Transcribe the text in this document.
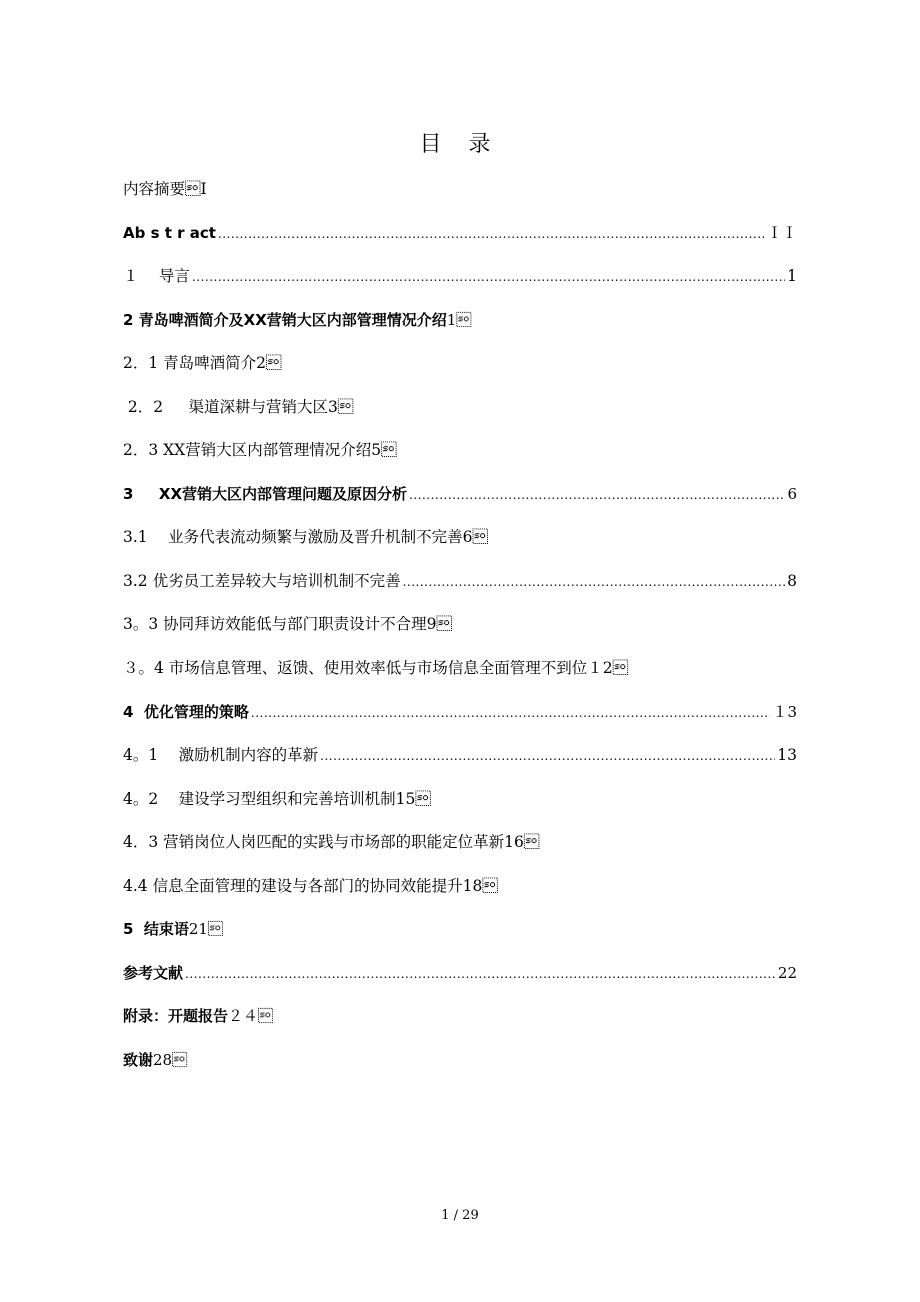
目 录
内容摘要 I
Ab s t r act .....	ＩＩ
１　 导言 .....	1
2 青岛啤酒简介及XX营销大区内部管理情况介绍 1
2．1 青岛啤酒简介 2
2．2  　渠道深耕与营销大区 3
2．3 XX营销大区内部管理情况介绍 5
3 　 XX营销大区内部管理问题及原因分析 .....	6
3.1 　业务代表流动频繁与激励及晋升机制不完善 6
3.2 优劣员工差异较大与培训机制不完善 .....	8
3。3 协同拜访效能低与部门职责设计不合理 9
３。4 市场信息管理、返馈、使用效率低与市场信息全面管理不到位 １2
4  优化管理的策略 .....	１3
4。1 　激励机制内容的革新 .....	13
4。2 　建设学习型组织和完善培训机制 15
4．3 营销岗位人岗匹配的实践与市场部的职能定位革新 16
4.4 信息全面管理的建设与各部门的协同效能提升 18
5  结束语 21
参考文献 .....	22
附录：开题报告 ２４
致谢 28
1 / 29
